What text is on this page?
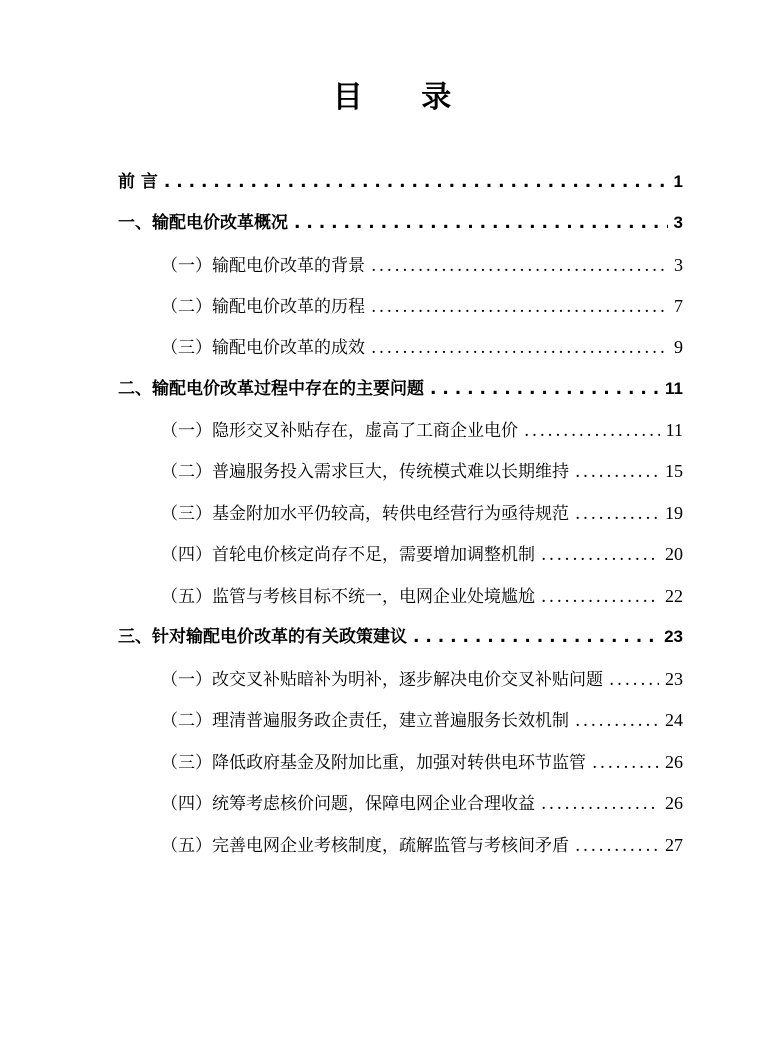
目 录
前 言 . . .	1
一、输配电价改革概况 . . .	3
（一）输配电价改革的背景 .....	3
（二）输配电价改革的历程 .....	7
（三）输配电价改革的成效 .....	9
二、输配电价改革过程中存在的主要问题 . . .	11
（一）隐形交叉补贴存在，虚高了工商企业电价 .....	11
（二）普遍服务投入需求巨大，传统模式难以长期维持 .....	15
（三）基金附加水平仍较高，转供电经营行为亟待规范 .....	19
（四）首轮电价核定尚存不足，需要增加调整机制 .....	20
（五）监管与考核目标不统一，电网企业处境尴尬 .....	22
三、针对输配电价改革的有关政策建议 . . .	23
（一）改交叉补贴暗补为明补，逐步解决电价交叉补贴问题 .....	23
（二）理清普遍服务政企责任，建立普遍服务长效机制 .....	24
（三）降低政府基金及附加比重，加强对转供电环节监管 .....	26
（四）统筹考虑核价问题，保障电网企业合理收益 .....	26
（五）完善电网企业考核制度，疏解监管与考核间矛盾 .....	27
